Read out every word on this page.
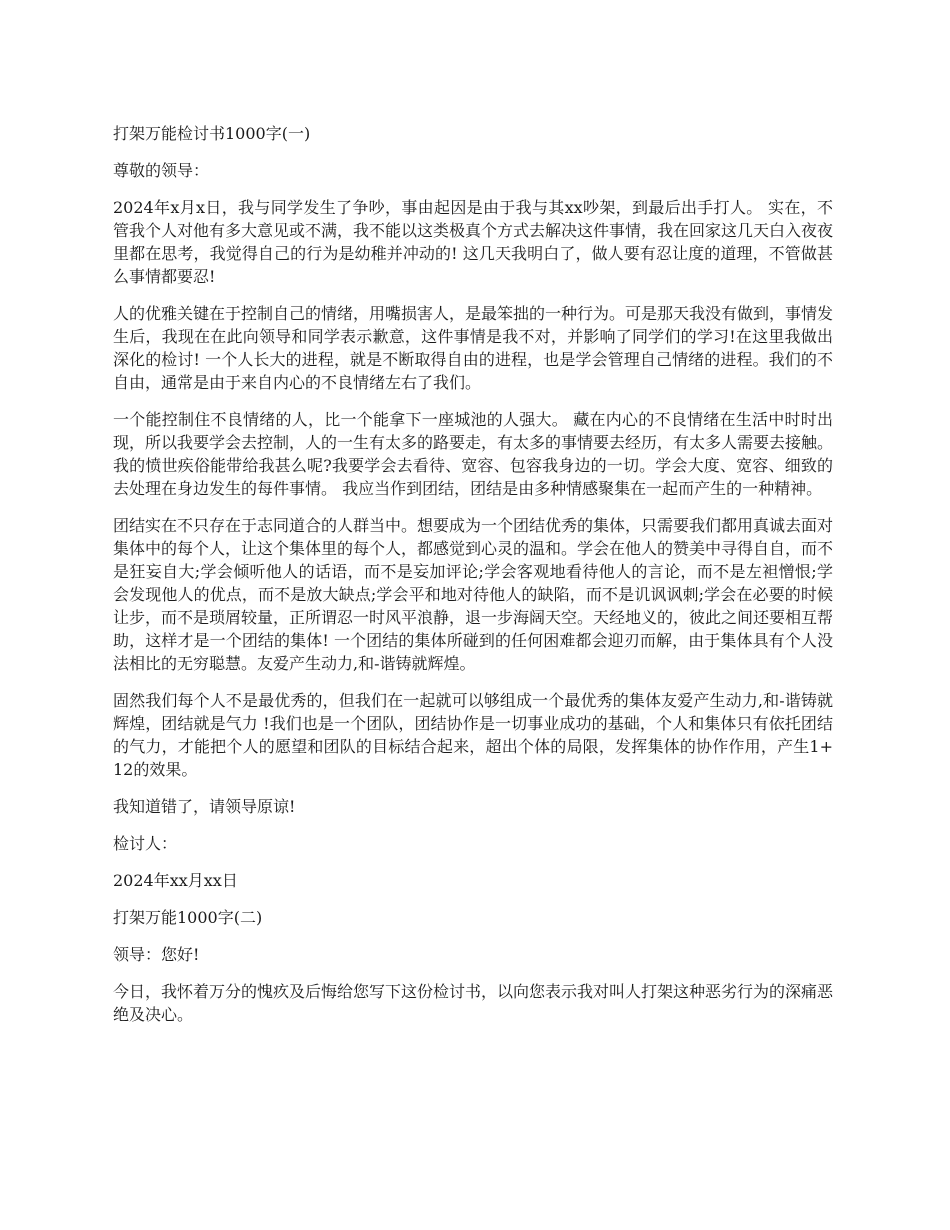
打架万能检讨书1000字(一)

尊敬的领导：

2024年x月x日，我与同学发生了争吵，事由起因是由于我与其xx吵架，到最后出手打人。 实在，不管我个人对他有多大意见或不满，我不能以这类极真个方式去解决这件事情，我在回家这几天白入夜夜里都在思考，我觉得自己的行为是幼稚并冲动的! 这几天我明白了，做人要有忍让度的道理，不管做甚么事情都要忍!

人的优雅关键在于控制自己的情绪，用嘴损害人，是最笨拙的一种行为。可是那天我没有做到，事情发生后，我现在在此向领导和同学表示歉意，这件事情是我不对，并影响了同学们的学习!在这里我做出深化的检讨! 一个人长大的进程，就是不断取得自由的进程，也是学会管理自己情绪的进程。我们的不自由，通常是由于来自内心的不良情绪左右了我们。

一个能控制住不良情绪的人，比一个能拿下一座城池的人强大。 藏在内心的不良情绪在生活中时时出现，所以我要学会去控制，人的一生有太多的路要走，有太多的事情要去经历，有太多人需要去接触。我的愤世疾俗能带给我甚么呢?我要学会去看待、宽容、包容我身边的一切。学会大度、宽容、细致的去处理在身边发生的每件事情。 我应当作到团结，团结是由多种情感聚集在一起而产生的一种精神。

团结实在不只存在于志同道合的人群当中。想要成为一个团结优秀的集体，只需要我们都用真诚去面对集体中的每个人，让这个集体里的每个人，都感觉到心灵的温和。学会在他人的赞美中寻得自自，而不是狂妄自大;学会倾听他人的话语，而不是妄加评论;学会客观地看待他人的言论，而不是左袒憎恨;学会发现他人的优点，而不是放大缺点;学会平和地对待他人的缺陷，而不是讥讽讽刺;学会在必要的时候让步，而不是琐屑较量，正所谓忍一时风平浪静，退一步海阔天空。天经地义的，彼此之间还要相互帮助，这样才是一个团结的集体! 一个团结的集体所碰到的任何困难都会迎刃而解，由于集体具有个人没法相比的无穷聪慧。友爱产生动力,和-谐铸就辉煌。

固然我们每个人不是最优秀的，但我们在一起就可以够组成一个最优秀的集体友爱产生动力,和-谐铸就辉煌，团结就是气力 !我们也是一个团队，团结协作是一切事业成功的基础，个人和集体只有依托团结的气力，才能把个人的愿望和团队的目标结合起来，超出个体的局限，发挥集体的协作作用，产生1+12的效果。

我知道错了，请领导原谅!

检讨人：

2024年xx月xx日

打架万能1000字(二)

领导：您好!

今日，我怀着万分的愧疚及后悔给您写下这份检讨书，以向您表示我对叫人打架这种恶劣行为的深痛恶绝及决心。
